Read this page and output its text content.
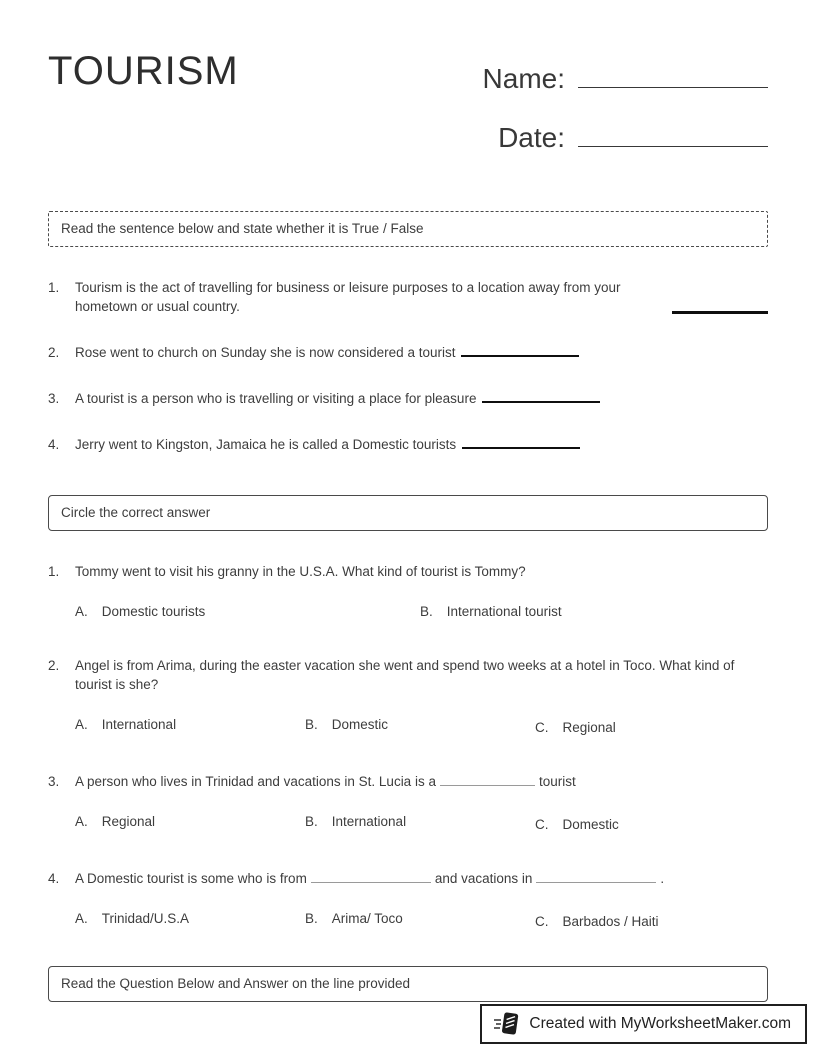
TOURISM	Name:
Date:
Read the sentence below and state whether it is True / False
1.	Tourism is the act of travelling for business or leisure purposes to a location away from your hometown or usual country.
2.	Rose went to church on Sunday she is now considered a tourist
3.	A tourist is a person who is travelling or visiting a place for pleasure
4.	Jerry went to Kingston, Jamaica he is called a Domestic tourists
Circle the correct answer
1.	Tommy went to visit his granny in the U.S.A. What kind of tourist is Tommy?
A. Domestic tourists	B. International tourist
2.	Angel is from Arima, during the easter vacation she went and spend two weeks at a hotel in Toco. What kind of tourist is she?
A. International	B. Domestic	C. Regional
3.	A person who lives in Trinidad and vacations in St. Lucia is a	tourist
A. Regional	B. International	C. Domestic
4.	A Domestic tourist is some who is from	and vacations in	.
A. Trinidad/U.S.A	B. Arima/ Toco	C. Barbados / Haiti
Read the Question Below and Answer on the line provided
Created with MyWorksheetMaker.com
